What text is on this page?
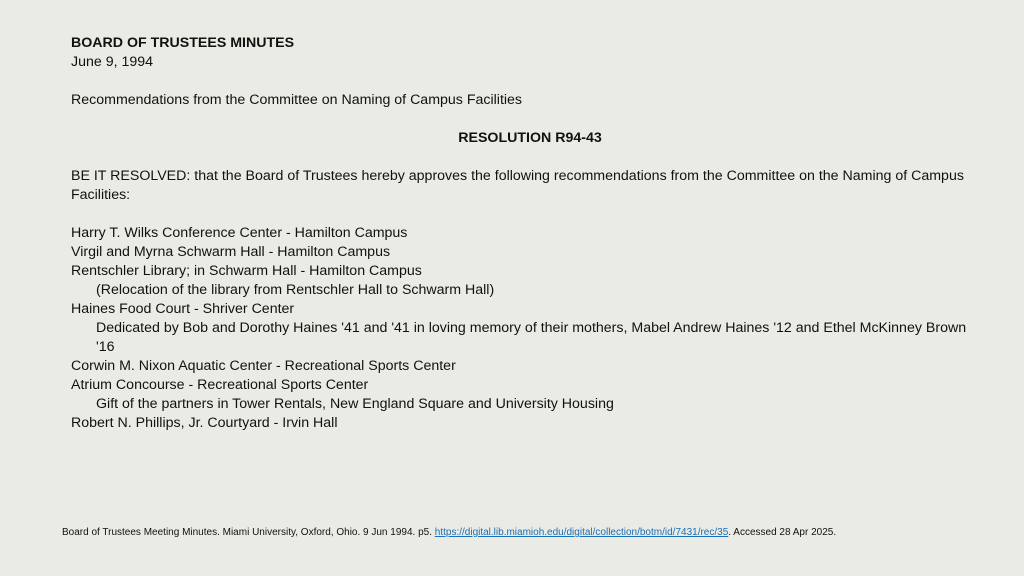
BOARD OF TRUSTEES MINUTES
June 9, 1994
Recommendations from the Committee on Naming of Campus Facilities
RESOLUTION R94-43
BE IT RESOLVED: that the Board of Trustees hereby approves the following recommendations from the Committee on the Naming of Campus Facilities:
Harry T. Wilks Conference Center - Hamilton Campus
Virgil and Myrna Schwarm Hall - Hamilton Campus
Rentschler Library; in Schwarm Hall - Hamilton Campus
(Relocation of the library from Rentschler Hall to Schwarm Hall)
Haines Food Court - Shriver Center
Dedicated by Bob and Dorothy Haines '41 and '41 in loving memory of their mothers, Mabel Andrew Haines '12 and Ethel McKinney Brown '16
Corwin M. Nixon Aquatic Center - Recreational Sports Center
Atrium Concourse - Recreational Sports Center
Gift of the partners in Tower Rentals, New England Square and University Housing
Robert N. Phillips, Jr. Courtyard - Irvin Hall
Board of Trustees Meeting Minutes. Miami University, Oxford, Ohio. 9 Jun 1994. p5. https://digital.lib.miamioh.edu/digital/collection/botm/id/7431/rec/35. Accessed 28 Apr 2025.
